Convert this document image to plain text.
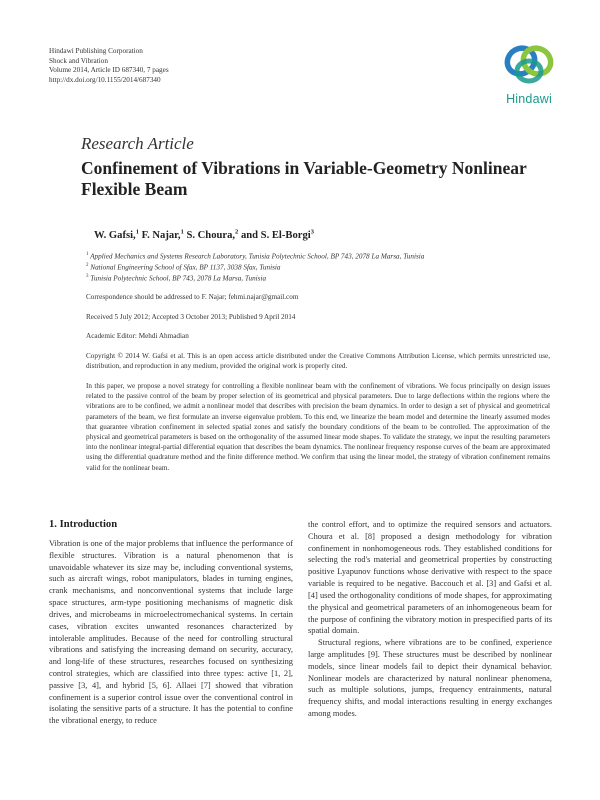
Hindawi Publishing Corporation
Shock and Vibration
Volume 2014, Article ID 687340, 7 pages
http://dx.doi.org/10.1155/2014/687340
Hindawi
Research Article
Confinement of Vibrations in Variable-Geometry Nonlinear Flexible Beam
W. Gafsi,$^1$ F. Najar,$^1$ S. Choura,$^2$ and S. El-Borgi$^3$
$^1$ Applied Mechanics and Systems Research Laboratory, Tunisia Polytechnic School, BP 743, 2078 La Marsa, Tunisia
$^2$ National Engineering School of Sfax, BP 1137, 3038 Sfax, Tunisia
$^3$ Tunisia Polytechnic School, BP 743, 2078 La Marsa, Tunisia
Correspondence should be addressed to F. Najar; fehmi.najar@gmail.com
Received 5 July 2012; Accepted 3 October 2013; Published 9 April 2014
Academic Editor: Mehdi Ahmadian
Copyright © 2014 W. Gafsi et al. This is an open access article distributed under the Creative Commons Attribution License, which permits unrestricted use, distribution, and reproduction in any medium, provided the original work is properly cited.
In this paper, we propose a novel strategy for controlling a flexible nonlinear beam with the confinement of vibrations. We focus principally on design issues related to the passive control of the beam by proper selection of its geometrical and physical parameters. Due to large deflections within the regions where the vibrations are to be confined, we admit a nonlinear model that describes with precision the beam dynamics. In order to design a set of physical and geometrical parameters of the beam, we first formulate an inverse eigenvalue problem. To this end, we linearize the beam model and determine the linearly assumed modes that guarantee vibration confinement in selected spatial zones and satisfy the boundary conditions of the beam to be controlled. The approximation of the physical and geometrical parameters is based on the orthogonality of the assumed linear mode shapes. To validate the strategy, we input the resulting parameters into the nonlinear integral-partial differential equation that describes the beam dynamics. The nonlinear frequency response curves of the beam are approximated using the differential quadrature method and the finite difference method. We confirm that using the linear model, the strategy of vibration confinement remains valid for the nonlinear beam.
1. Introduction

Vibration is one of the major problems that influence the performance of flexible structures. Vibration is a natural phenomenon that is unavoidable whatever its size may be, including conventional systems, such as aircraft wings, robot manipulators, blades in turning engines, crank mechanisms, and nonconventional systems that include large space structures, arm-type positioning mechanisms of magnetic disk drives, and microbeams in microelectromechanical systems. In certain cases, vibration excites unwanted resonances characterized by intolerable amplitudes. Because of the need for controlling structural vibrations and satisfying the increasing demand on security, accuracy, and long-life of these structures, researches focused on synthesizing control strategies, which are classified into three types: active [1, 2], passive [3, 4], and hybrid [5, 6]. Allaei [7] showed that vibration confinement is a superior control issue over the conventional control in isolating the sensitive parts of a structure. It has the potential to confine the vibrational energy, to reduce

the control effort, and to optimize the required sensors and actuators. Choura et al. [8] proposed a design methodology for vibration confinement in nonhomogeneous rods. They established conditions for selecting the rod's material and geometrical properties by constructing positive Lyapunov functions whose derivative with respect to the space variable is required to be negative. Baccouch et al. [3] and Gafsi et al. [4] used the orthogonality conditions of mode shapes, for approximating the physical and geometrical parameters of an inhomogeneous beam for the purpose of confining the vibratory motion in prespecified parts of its spatial domain.

Structural regions, where vibrations are to be confined, experience large amplitudes [9]. These structures must be described by nonlinear models, since linear models fail to depict their dynamical behavior. Nonlinear models are characterized by natural nonlinear phenomena, such as multiple solutions, jumps, frequency entrainments, natural frequency shifts, and modal interactions resulting in energy exchanges among modes.
